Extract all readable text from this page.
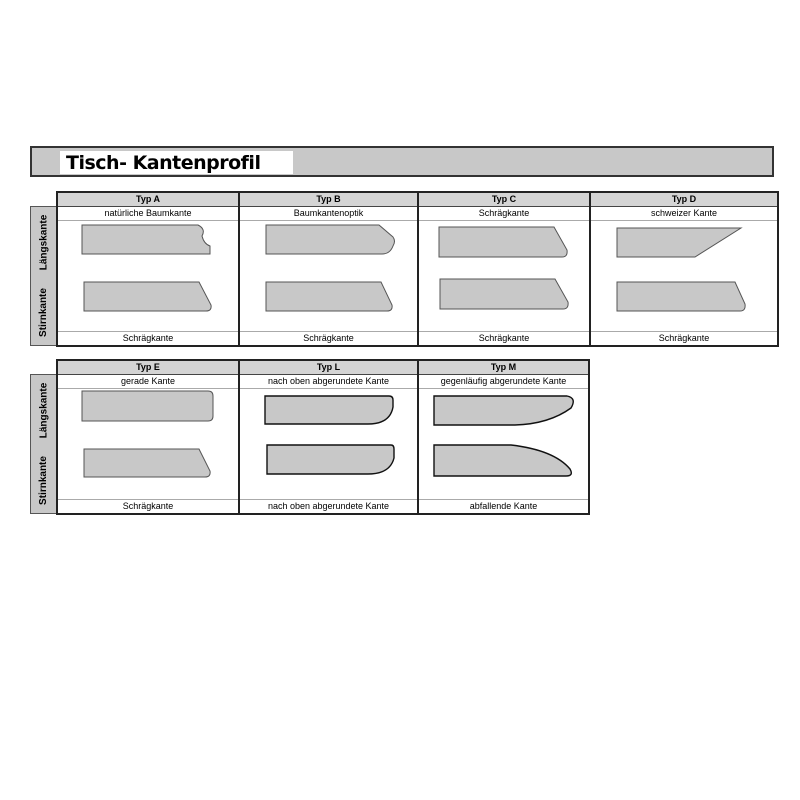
Tisch- Kantenprofil
Längskante
Stirnkante
Typ A
natürliche Baumkante
Schrägkante
Typ B
Baumkantenoptik
Schrägkante
Typ C
Schrägkante
Schrägkante
Typ D
schweizer Kante
Schrägkante
Längskante
Stirnkante
Typ E
gerade Kante
Schrägkante
Typ L
nach oben abgerundete Kante
nach oben abgerundete Kante
Typ M
gegenläufig abgerundete Kante
abfallende Kante
